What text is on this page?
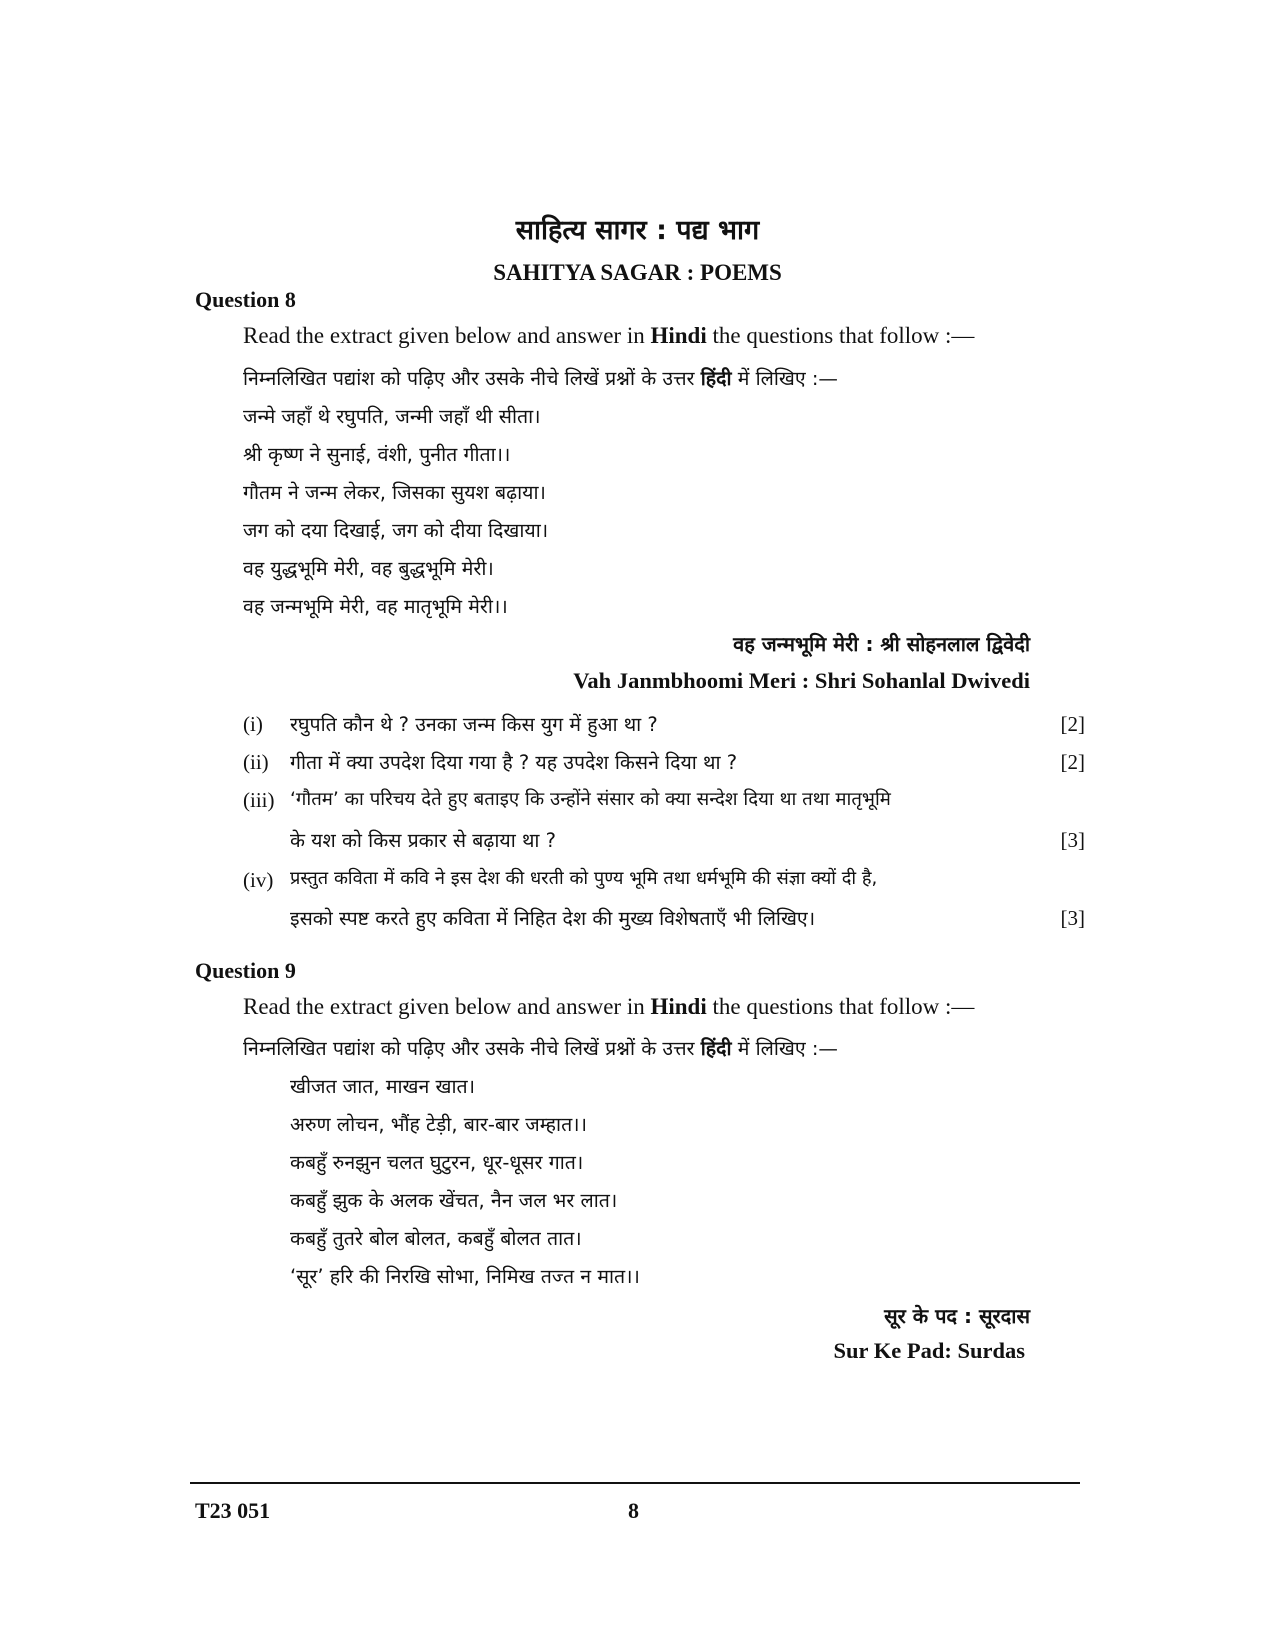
साहित्य सागर : पद्य भाग
SAHITYA SAGAR : POEMS
Question 8
Read the extract given below and answer in Hindi the questions that follow :—
निम्नलिखित पद्यांश को पढ़िए और उसके नीचे लिखें प्रश्नों के उत्तर हिंदी में लिखिए :—
जन्मे जहाँ थे रघुपति, जन्मी जहाँ थी सीता।
श्री कृष्ण ने सुनाई, वंशी, पुनीत गीता।।
गौतम ने जन्म लेकर, जिसका सुयश बढ़ाया।
जग को दया दिखाई, जग को दीया दिखाया।
वह युद्धभूमि मेरी, वह बुद्धभूमि मेरी।
वह जन्मभूमि मेरी, वह मातृभूमि मेरी।।
वह जन्मभूमि मेरी : श्री सोहनलाल द्विवेदी
Vah Janmbhoomi Meri : Shri Sohanlal Dwivedi
(i) रघुपति कौन थे ? उनका जन्म किस युग में हुआ था ?	[2]
(ii) गीता में क्या उपदेश दिया गया है ? यह उपदेश किसने दिया था ?	[2]
(iii) ‘गौतम’ का परिचय देते हुए बताइए कि उन्होंने संसार को क्या सन्देश दिया था तथा मातृभूमि
के यश को किस प्रकार से बढ़ाया था ?	[3]
(iv) प्रस्तुत कविता में कवि ने इस देश की धरती को पुण्य भूमि तथा धर्मभूमि की संज्ञा क्यों दी है,
इसको स्पष्ट करते हुए कविता में निहित देश की मुख्य विशेषताएँ भी लिखिए।	[3]
Question 9
Read the extract given below and answer in Hindi the questions that follow :—
निम्नलिखित पद्यांश को पढ़िए और उसके नीचे लिखें प्रश्नों के उत्तर हिंदी में लिखिए :—
खीजत जात, माखन खात।
अरुण लोचन, भौंह टेड़ी, बार-बार जम्हात।।
कबहुँ रुनझुन चलत घुटुरन, धूर-धूसर गात।
कबहुँ झुक के अलक खेंचत, नैन जल भर लात।
कबहुँ तुतरे बोल बोलत, कबहुँ बोलत तात।
‘सूर’ हरि की निरखि सोभा, निमिख तज्त न मात।।
सूर के पद : सूरदास
Sur Ke Pad: Surdas
T23 051	8
